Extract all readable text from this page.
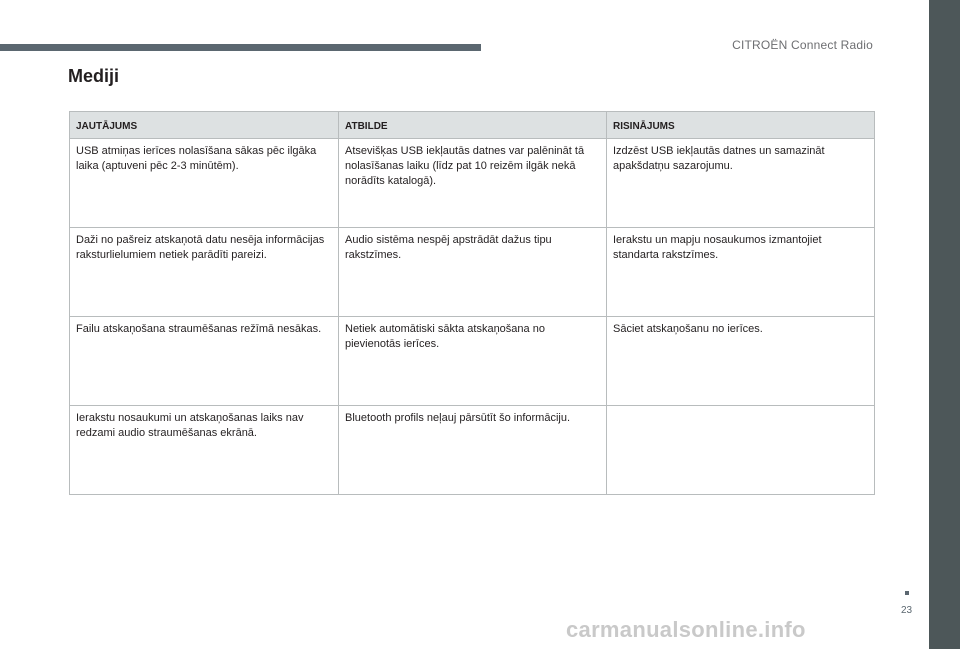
CITROËN Connect Radio
Mediji
JAUTĀJUMS	ATBILDE	RISINĀJUMS
USB atmiņas ierīces nolasīšana sākas pēc ilgāka laika (aptuveni pēc 2-3 minūtēm).	Atsevišķas USB iekļautās datnes var palēnināt tā nolasīšanas laiku (līdz pat 10 reizēm ilgāk nekā norādīts katalogā).	Izdzēst USB iekļautās datnes un samazināt apakšdatņu sazarojumu.
Daži no pašreiz atskaņotā datu nesēja informācijas raksturlielumiem netiek parādīti pareizi.	Audio sistēma nespēj apstrādāt dažus tipu rakstzīmes.	Ierakstu un mapju nosaukumos izmantojiet standarta rakstzīmes.
Failu atskaņošana straumēšanas režīmā nesākas.	Netiek automātiski sākta atskaņošana no pievienotās ierīces.	Sāciet atskaņošanu no ierīces.
Ierakstu nosaukumi un atskaņošanas laiks nav redzami audio straumēšanas ekrānā.	Bluetooth profils neļauj pārsūtīt šo informāciju.	
23
carmanualsonline.info
